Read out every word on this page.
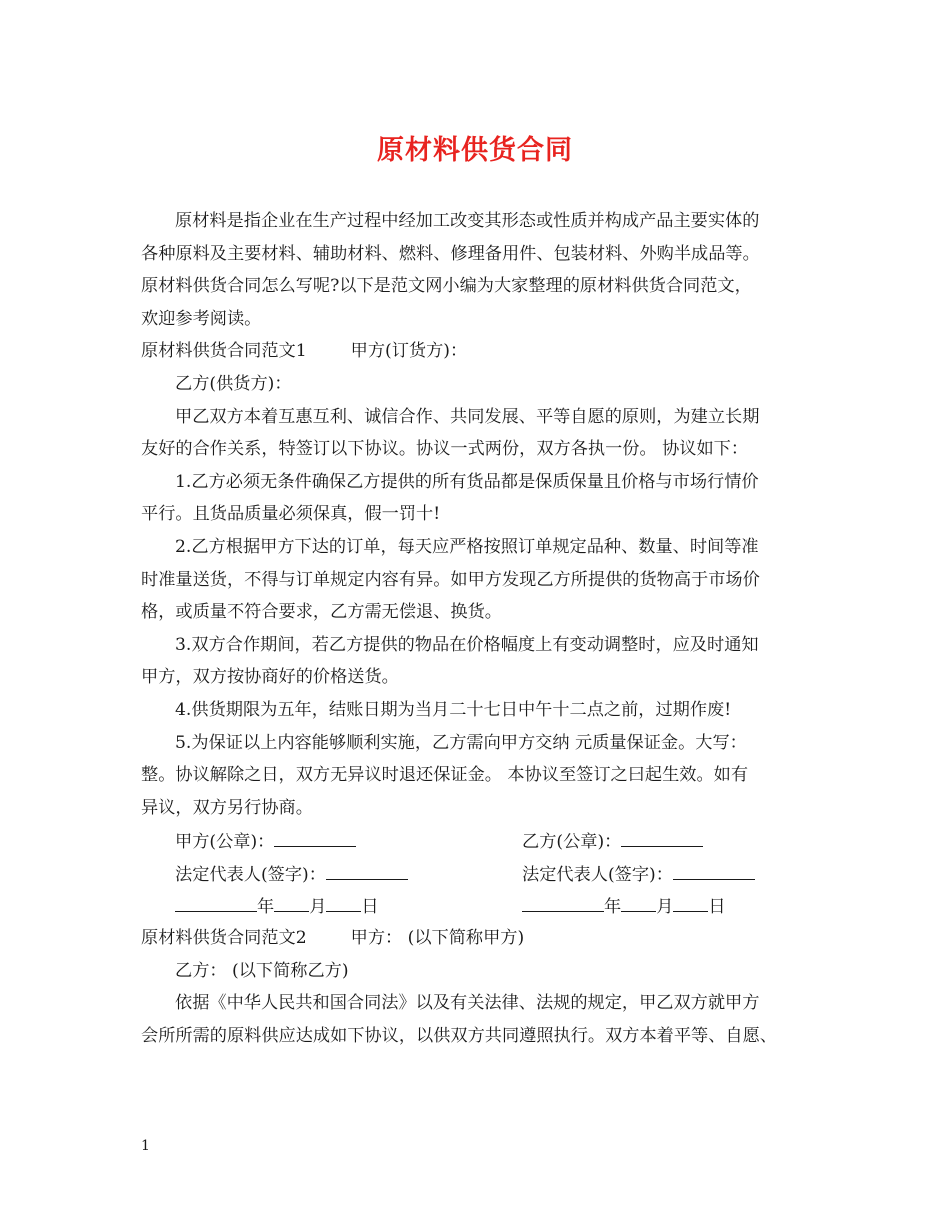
原材料供货合同
原材料是指企业在生产过程中经加工改变其形态或性质并构成产品主要实体的
各种原料及主要材料、辅助材料、燃料、修理备用件、包装材料、外购半成品等。
原材料供货合同怎么写呢?以下是范文网小编为大家整理的原材料供货合同范文，
欢迎参考阅读。
原材料供货合同范文1	甲方(订货方)：
乙方(供货方)：
甲乙双方本着互惠互利、诚信合作、共同发展、平等自愿的原则，为建立长期
友好的合作关系，特签订以下协议。协议一式两份，双方各执一份。 协议如下：
1.乙方必须无条件确保乙方提供的所有货品都是保质保量且价格与市场行情价
平行。且货品质量必须保真，假一罚十!
2.乙方根据甲方下达的订单，每天应严格按照订单规定品种、数量、时间等准
时准量送货，不得与订单规定内容有异。如甲方发现乙方所提供的货物高于市场价
格，或质量不符合要求，乙方需无偿退、换货。
3.双方合作期间，若乙方提供的物品在价格幅度上有变动调整时，应及时通知
甲方，双方按协商好的价格送货。
4.供货期限为五年，结账日期为当月二十七日中午十二点之前，过期作废!
5.为保证以上内容能够顺利实施，乙方需向甲方交纳 元质量保证金。大写：
整。协议解除之日，双方无异议时退还保证金。 本协议至签订之曰起生效。如有
异议，双方另行协商。
甲方(公章)：	乙方(公章)：
法定代表人(签字)：	法定代表人(签字)：
年 月 日	年 月 日
原材料供货合同范文2	甲方： (以下简称甲方)
乙方： (以下简称乙方)
依据《中华人民共和国合同法》以及有关法律、法规的规定，甲乙双方就甲方
会所所需的原料供应达成如下协议，以供双方共同遵照执行。双方本着平等、自愿、
1
